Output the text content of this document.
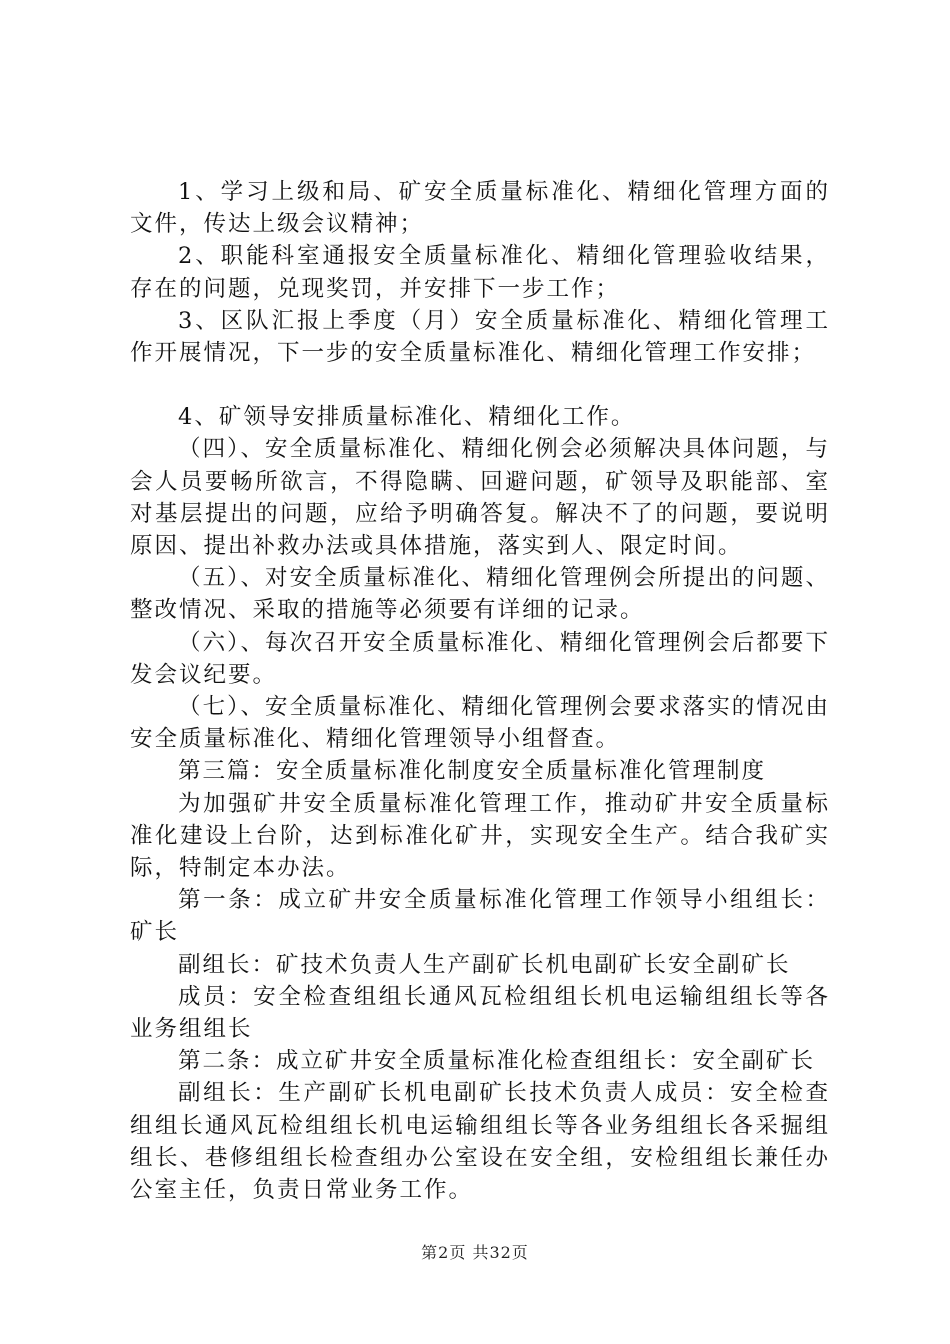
1、学习上级和局、矿安全质量标准化、精细化管理方面的文件，传达上级会议精神；

2、职能科室通报安全质量标准化、精细化管理验收结果，存在的问题，兑现奖罚，并安排下一步工作；

3、区队汇报上季度（月）安全质量标准化、精细化管理工作开展情况，下一步的安全质量标准化、精细化管理工作安排；

4、矿领导安排质量标准化、精细化工作。

（四）、安全质量标准化、精细化例会必须解决具体问题，与会人员要畅所欲言，不得隐瞒、回避问题，矿领导及职能部、室对基层提出的问题，应给予明确答复。解决不了的问题，要说明原因、提出补救办法或具体措施，落实到人、限定时间。

（五）、对安全质量标准化、精细化管理例会所提出的问题、整改情况、采取的措施等必须要有详细的记录。

（六）、每次召开安全质量标准化、精细化管理例会后都要下发会议纪要。

（七）、安全质量标准化、精细化管理例会要求落实的情况由安全质量标准化、精细化管理领导小组督查。

第三篇：安全质量标准化制度安全质量标准化管理制度

为加强矿井安全质量标准化管理工作，推动矿井安全质量标准化建设上台阶，达到标准化矿井，实现安全生产。结合我矿实际，特制定本办法。

第一条：成立矿井安全质量标准化管理工作领导小组组长：矿长

副组长：矿技术负责人生产副矿长机电副矿长安全副矿长

成员：安全检查组组长通风瓦检组组长机电运输组组长等各业务组组长

第二条：成立矿井安全质量标准化检查组组长：安全副矿长

副组长：生产副矿长机电副矿长技术负责人成员：安全检查组组长通风瓦检组组长机电运输组组长等各业务组组长各采掘组组长、巷修组组长检查组办公室设在安全组，安检组组长兼任办公室主任，负责日常业务工作。

第2页 共32页
